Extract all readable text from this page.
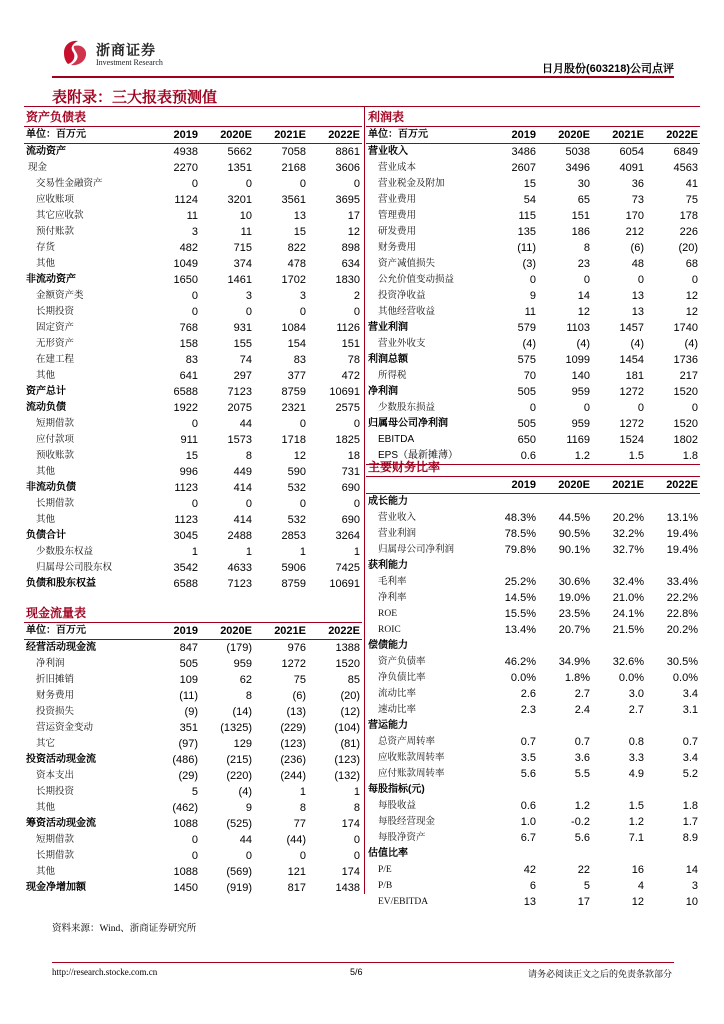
浙商证券
Investment Research
日月股份(603218)公司点评
表附录：三大报表预测值
资产负债表				
单位：百万元	2019	2020E	2021E	2022E
流动资产	4938	5662	7058	8861
现金	2270	1351	2168	3606
交易性金融资产	0	0	0	0
应收账项	1124	3201	3561	3695
其它应收款	11	10	13	17
预付账款	3	11	15	12
存货	482	715	822	898
其他	1049	374	478	634
非流动资产	1650	1461	1702	1830
金额资产类	0	3	3	2
长期投资	0	0	0	0
固定资产	768	931	1084	1126
无形资产	158	155	154	151
在建工程	83	74	83	78
其他	641	297	377	472
资产总计	6588	7123	8759	10691
流动负债	1922	2075	2321	2575
短期借款	0	44	0	0
应付款项	911	1573	1718	1825
预收账款	15	8	12	18
其他	996	449	590	731
非流动负债	1123	414	532	690
长期借款	0	0	0	0
其他	1123	414	532	690
负债合计	3045	2488	2853	3264
少数股东权益	1	1	1	1
归属母公司股东权	3542	4633	5906	7425
负债和股东权益	6588	7123	8759	10691
现金流量表				
单位：百万元	2019	2020E	2021E	2022E
经营活动现金流	847	(179)	976	1388
净利润	505	959	1272	1520
折旧摊销	109	62	75	85
财务费用	(11)	8	(6)	(20)
投资损失	(9)	(14)	(13)	(12)
营运资金变动	351	(1325)	(229)	(104)
其它	(97)	129	(123)	(81)
投资活动现金流	(486)	(215)	(236)	(123)
资本支出	(29)	(220)	(244)	(132)
长期投资	5	(4)	1	1
其他	(462)	9	8	8
筹资活动现金流	1088	(525)	77	174
短期借款	0	44	(44)	0
长期借款	0	0	0	0
其他	1088	(569)	121	174
现金净增加额	1450	(919)	817	1438
利润表				
单位：百万元	2019	2020E	2021E	2022E
营业收入	3486	5038	6054	6849
营业成本	2607	3496	4091	4563
营业税金及附加	15	30	36	41
营业费用	54	65	73	75
管理费用	115	151	170	178
研发费用	135	186	212	226
财务费用	(11)	8	(6)	(20)
资产减值损失	(3)	23	48	68
公允价值变动损益	0	0	0	0
投资净收益	9	14	13	12
其他经营收益	11	12	13	12
营业利润	579	1103	1457	1740
营业外收支	(4)	(4)	(4)	(4)
利润总额	575	1099	1454	1736
所得税	70	140	181	217
净利润	505	959	1272	1520
少数股东损益	0	0	0	0
归属母公司净利润	505	959	1272	1520
EBITDA	650	1169	1524	1802
EPS（最新摊薄）	0.6	1.2	1.5	1.8
主要财务比率				
	2019	2020E	2021E	2022E
成长能力				
营业收入	48.3%	44.5%	20.2%	13.1%
营业利润	78.5%	90.5%	32.2%	19.4%
归属母公司净利润	79.8%	90.1%	32.7%	19.4%
获利能力				
毛利率	25.2%	30.6%	32.4%	33.4%
净利率	14.5%	19.0%	21.0%	22.2%
ROE	15.5%	23.5%	24.1%	22.8%
ROIC	13.4%	20.7%	21.5%	20.2%
偿债能力				
资产负债率	46.2%	34.9%	32.6%	30.5%
净负债比率	0.0%	1.8%	0.0%	0.0%
流动比率	2.6	2.7	3.0	3.4
速动比率	2.3	2.4	2.7	3.1
营运能力				
总资产周转率	0.7	0.7	0.8	0.7
应收账款周转率	3.5	3.6	3.3	3.4
应付账款周转率	5.6	5.5	4.9	5.2
每股指标(元)				
每股收益	0.6	1.2	1.5	1.8
每股经营现金	1.0	-0.2	1.2	1.7
每股净资产	6.7	5.6	7.1	8.9
估值比率				
P/E	42	22	16	14
P/B	6	5	4	3
EV/EBITDA	13	17	12	10
资料来源：Wind、浙商证券研究所
http://research.stocke.com.cn	5/6	请务必阅读正文之后的免责条款部分
